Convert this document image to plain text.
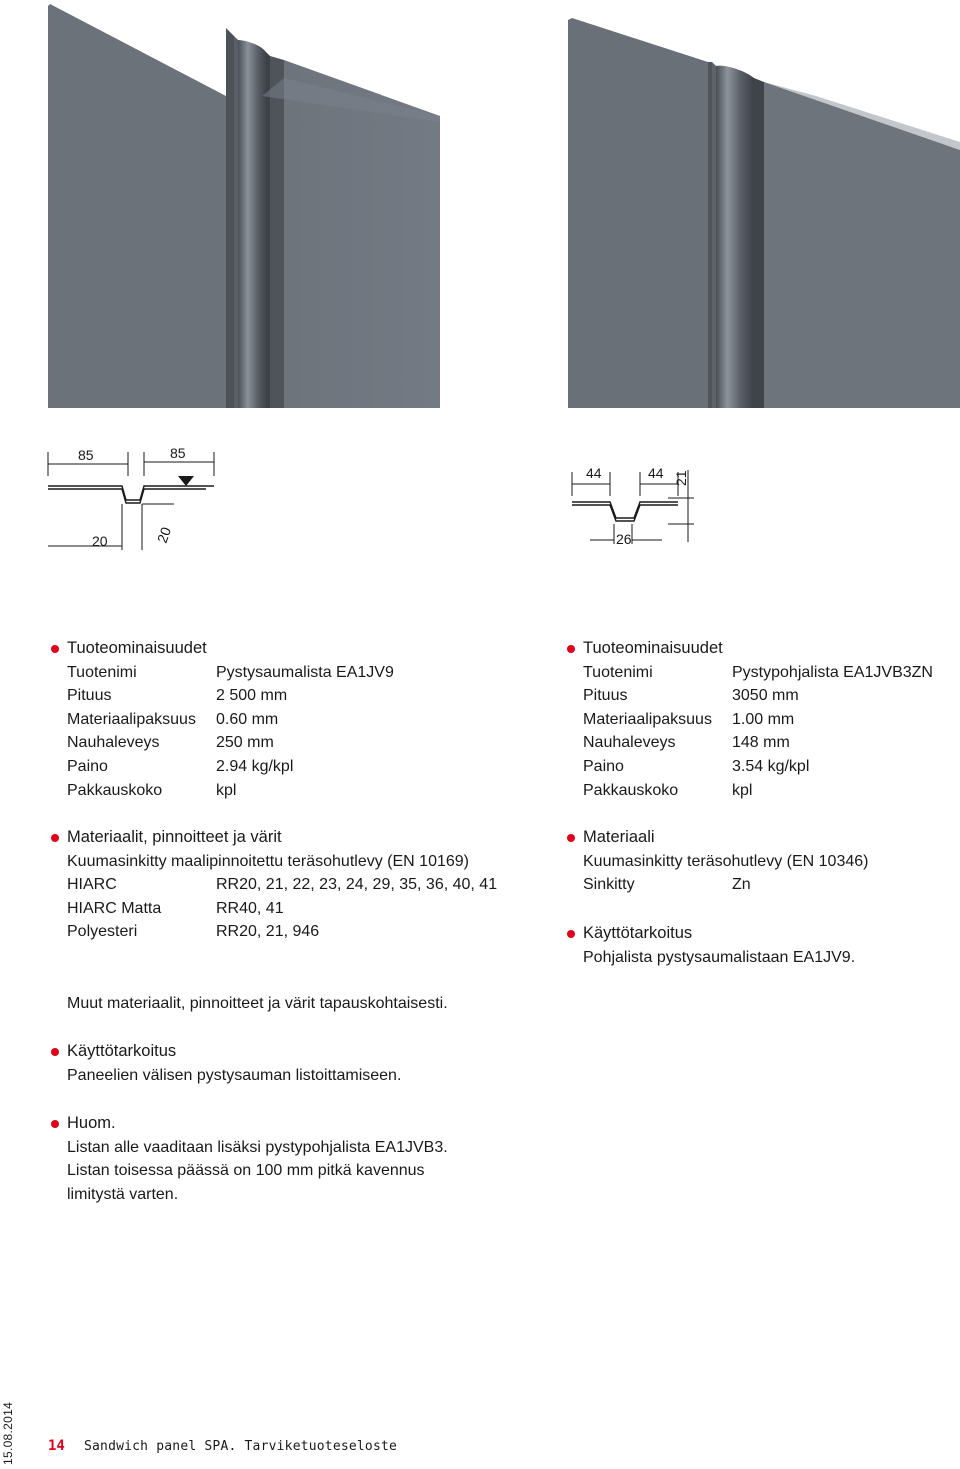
85	85
20	20
44	44 21
26
Tuoteominaisuudet
Tuotenimi	Pystysaumalista EA1JV9
Pituus	2 500 mm
Materiaalipaksuus	0.60 mm
Nauhaleveys	250 mm
Paino	2.94 kg/kpl
Pakkauskoko	kpl
Materiaalit, pinnoitteet ja värit
Kuumasinkitty maalipinnoitettu teräsohutlevy (EN 10169)
HIARC	RR20, 21, 22, 23, 24, 29, 35, 36, 40, 41
HIARC Matta	RR40, 41
Polyesteri	RR20, 21, 946
Muut materiaalit, pinnoitteet ja värit tapauskohtaisesti.
Käyttötarkoitus
Paneelien välisen pystysauman listoittamiseen.
Huom.
Listan alle vaaditaan lisäksi pystypohjalista EA1JVB3.
Listan toisessa päässä on 100 mm pitkä kavennus
limitystä varten.
Tuoteominaisuudet
Tuotenimi	Pystypohjalista EA1JVB3ZN
Pituus	3050 mm
Materiaalipaksuus	1.00 mm
Nauhaleveys	148 mm
Paino	3.54 kg/kpl
Pakkauskoko	kpl
Materiaali
Kuumasinkitty teräsohutlevy (EN 10346)
Sinkitty	Zn
Käyttötarkoitus
Pohjalista pystysaumalistaan EA1JV9.
15.08.2014 14 Sandwich panel SPA. Tarviketuoteseloste
